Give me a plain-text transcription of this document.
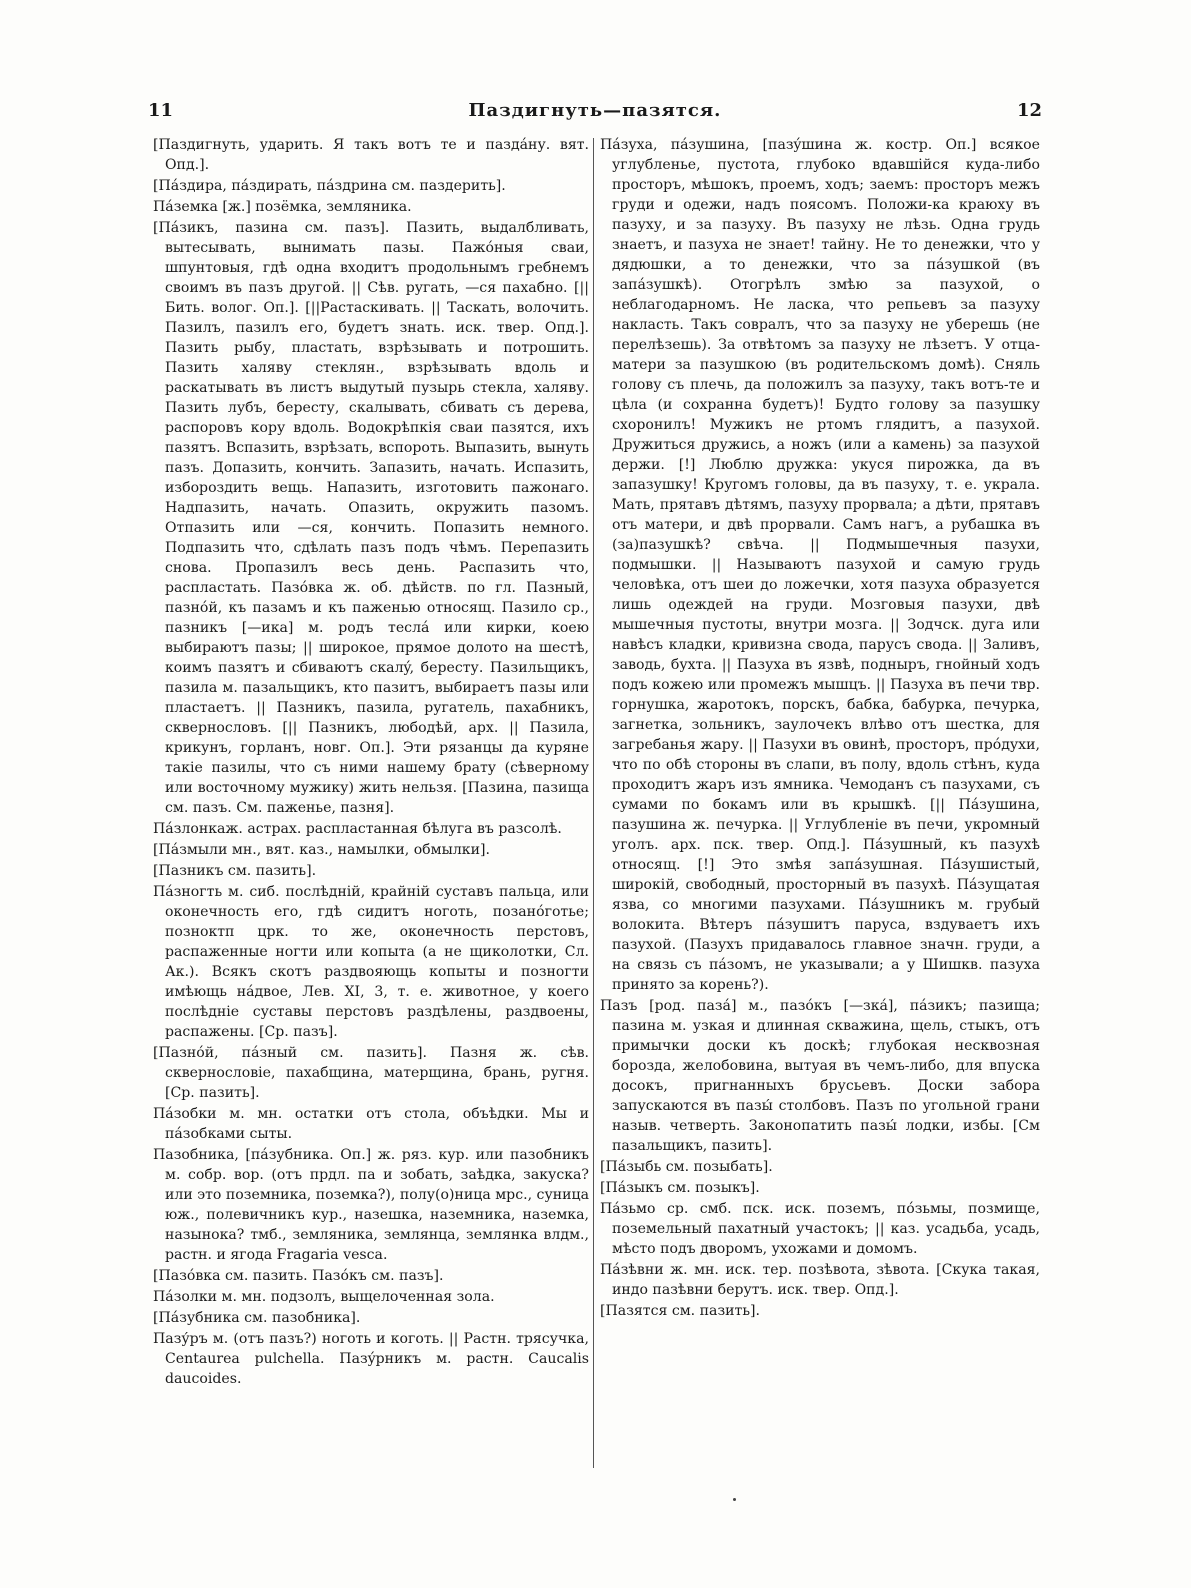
11	Паздигнуть—пазятся.	12
[Паздигнуть, ударить. Я такъ вотъ те и паздáну. вят. Опд.].
[Пáздира, пáздирать, пáздрина см. паздерить].
Пáземка [ж.] позёмка, земляника.
[Пáзикъ, пазина см. пазъ]. Пазить, выдалбливать, вытесывать, вынимать пазы. Пажóныя сваи, шпунтовыя, гдѣ одна входитъ продольнымъ гребнемъ своимъ въ пазъ другой. || Сѣв. ругать, —ся пахабно. [||Бить. волог. Оп.]. [||Растаскивать. || Таскать, волочить. Пазилъ, пазилъ его, будетъ знать. иск. твер. Опд.]. Пазить рыбу, пластать, взрѣзывать и потрошить. Пазить халяву стеклян., взрѣзывать вдоль и раскатывать въ листъ выдутый пузырь стекла, халяву. Пазить лубъ, бересту, скалывать, сбивать съ дерева, распоровъ кору вдоль. Водокрѣпкія сваи пазятся, ихъ пазятъ. Вспазить, взрѣзать, вспороть. Выпазить, вынуть пазъ. Допазить, кончить. Запазить, начать. Испазить, избороздить вещь. Напазить, изготовить пажонаго. Надпазить, начать. Опазить, окружить пазомъ. Отпазить или —ся, кончить. Попазить немного. Подпазить что, сдѣлать пазъ подъ чѣмъ. Перепазить снова. Пропазилъ весь день. Распазить что, распластать. Пазóвка ж. об. дѣйств. по гл. Пазный, пазнóй, къ пазамъ и къ паженью относящ. Пазило ср., пазникъ [—ика] м. родъ теслá или кирки, коею выбираютъ пазы; || широкое, прямое долото на шестѣ, коимъ пазятъ и сбиваютъ скалý, бересту. Пазильщикъ, пазила м. пазальщикъ, кто пазитъ, выбираетъ пазы или пластаетъ. || Пазникъ, пазила, ругатель, пахабникъ, сквернословъ. [|| Пазникъ, любодѣй, арх. || Пазила, крикунъ, горланъ, новг. Оп.]. Эти рязанцы да куряне такіе пазилы, что съ ними нашему брату (сѣверному или восточному мужику) жить нельзя. [Пазина, пазища см. пазъ. См. паженье, пазня].
Пáзлонкаж. астрах. распластанная бѣлуга въ разсолѣ.
[Пáзмыли мн., вят. каз., намылки, обмылки].
[Пазникъ см. пазить].
Пáзногть м. сиб. послѣдній, крайній суставъ пальца, или оконечность его, гдѣ сидитъ ноготь, позанóготье; позноктп црк. то же, оконечность перстовъ, распаженные ногти или копыта (а не щиколотки, Сл. Ак.). Всякъ скотъ раздвояющь копыты и позногти имѣющь нáдвое, Лев. XI, 3, т. е. животное, у коего послѣдніе суставы перстовъ раздѣлены, раздвоены, распажены. [Ср. пазъ].
[Пазнóй, пáзный см. пазить]. Пазня ж. сѣв. сквернословіе, пахабщина, матерщина, брань, ругня. [Ср. пазить].
Пáзобки м. мн. остатки отъ стола, объѣдки. Мы и пáзобками сыты.
Пазобника, [пáзубника. Оп.] ж. ряз. кур. или пазобникъ м. собр. вор. (отъ прдл. па и зобать, заѣдка, закуска? или это поземника, поземка?), полу(о)ница мрс., суница юж., полевичникъ кур., назешка, наземника, наземка, назынока? тмб., земляника, землянца, землянка влдм., растн. и ягода Fragaria vesca.
[Пазóвка см. пазить. Пазóкъ см. пазъ].
Пáзолки м. мн. подзолъ, выщелоченная зола.
[Пáзубника см. пазобника].
Пазу́ръ м. (отъ пазъ?) ноготь и коготь. || Растн. трясучка, Centaurea pulchella. Пазýрникъ м. растн. Caucalis daucoides.
Пáзуха, пáзушина, [пазýшина ж. костр. Оп.] всякое углубленье, пустота, глубоко вдавшійся куда-либо просторъ, мѣшокъ, проемъ, ходъ; заемъ: просторъ межъ груди и одежи, надъ поясомъ. Положи-ка краюху въ пазуху, и за пазуху. Въ пазуху не лѣзь. Одна грудь знаетъ, и пазуха не знает! тайну. Не то денежки, что у дядюшки, а то денежки, что за пáзушкой (въ запáзушкѣ). Отогрѣлъ змѣю за пазухой, о неблагодарномъ. Не ласка, что репьевъ за пазуху накласть. Такъ совралъ, что за пазуху не уберешь (не перелѣзешь). За отвѣтомъ за пазуху не лѣзетъ. У отца-матери за пазушкою (въ родительскомъ домѣ). Сняль голову съ плечь, да положилъ за пазуху, такъ вотъ-те и цѣла (и сохранна будетъ)! Будто голову за пазушку схоронилъ! Мужикъ не ртомъ глядитъ, а пазухой. Дружиться дружись, а ножъ (или а камень) за пазухой держи. [!] Люблю дружка: укуся пирожка, да въ запазушку! Кругомъ головы, да въ пазуху, т. е. украла. Мать, прятавъ дѣтямъ, пазуху прорвала; а дѣти, прятавъ отъ матери, и двѣ прорвали. Самъ нагъ, а рубашка въ (за)пазушкѣ? свѣча. || Подмышечныя пазухи, подмышки. || Называютъ пазухой и самую грудь человѣка, отъ шеи до ложечки, хотя пазуха образуется лишь одеждей на груди. Мозговыя пазухи, двѣ мышечныя пустоты, внутри мозга. || Зодчск. дуга или навѣсъ кладки, кривизна свода, парусъ свода. || Заливъ, заводь, бухта. || Пазуха въ язвѣ, подныръ, гнойный ходъ подъ кожею или промежъ мышцъ. || Пазуха въ печи твр. горнушка, жаротокъ, порскъ, бабка, бабурка, печурка, загнетка, зольникъ, заулочекъ влѣво отъ шестка, для загребанья жару. || Пазухи въ овинѣ, просторъ, прóдухи, что по обѣ стороны въ слапи, въ полу, вдоль стѣнъ, куда проходитъ жаръ изъ ямника. Чемоданъ съ пазухами, съ сумами по бокамъ или въ крышкѣ. [|| Пáзушина, пазушина ж. печурка. || Углубленіе въ печи, укромный уголъ. арх. пск. твер. Опд.]. Пáзушный, къ пазухѣ относящ. [!] Это змѣя запáзушная. Пáзушистый, широкій, свободный, просторный въ пазухѣ. Пáзущатая язва, со многими пазухами. Пáзушникъ м. грубый волокита. Вѣтеръ пáзушитъ паруса, вздуваетъ ихъ пазухой. (Пазухъ придавалось главное значн. груди, а на связь съ пáзомъ, не указывали; а у Шишкв. пазуха принято за корень?).
Пазъ [род. пазá] м., пазóкъ [—зкá], пáзикъ; пазища; пазина м. узкая и длинная скважина, щель, стыкъ, отъ примычки доски къ доскѣ; глубокая несквозная борозда, желобовина, вытуая въ чемъ-либо, для впуска досокъ, пригнанныхъ брусьевъ. Доски забора запускаются въ пазы́ столбовъ. Пазъ по угольной грани назыв. четверть. Законопатить пазы́ лодки, избы. [См пазальщикъ, пазить].
[Пáзыбь см. позыбать].
[Пáзыкъ см. позыкъ].
Пáзьмо ср. смб. пск. иск. поземъ, пóзьмы, позмище, поземельный пахатный участокъ; || каз. усадьба, усадь, мѣсто подъ дворомъ, ухожами и домомъ.
Пáзѣвни ж. мн. иск. тер. позѣвота, зѣвота. [Скука такая, индо пазѣвни берутъ. иск. твер. Опд.].
[Пазятся см. пазить].
